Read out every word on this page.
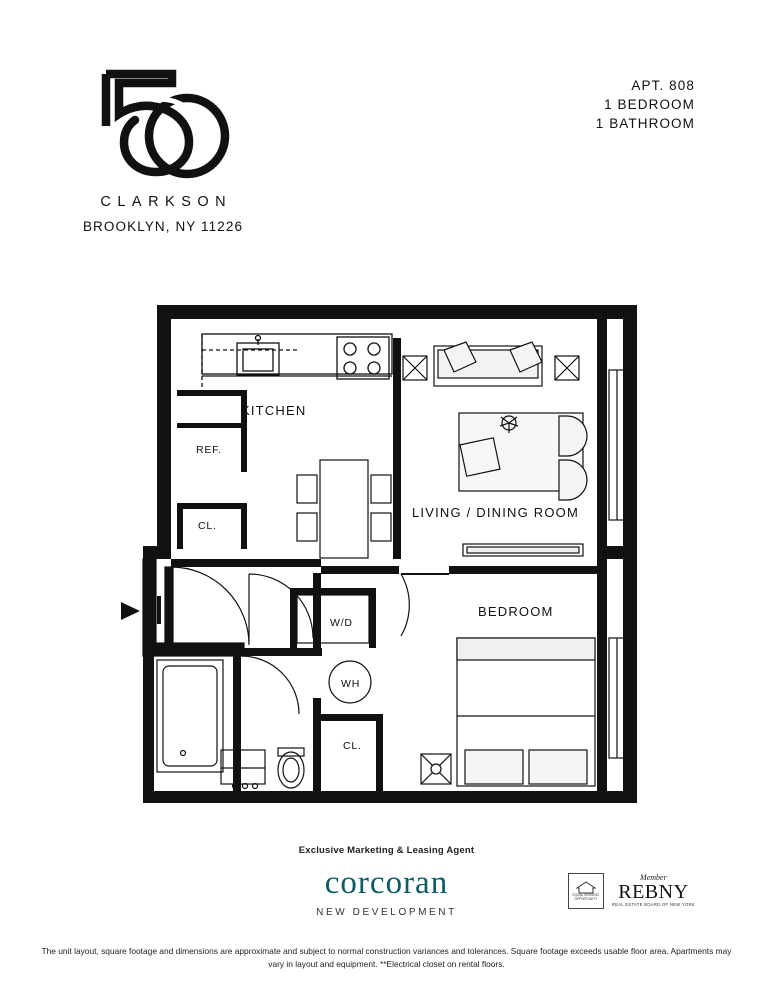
CLARKSON
BROOKLYN, NY 11226
APT. 808
1 BEDROOM
1 BATHROOM
KITCHEN
REF.
CL.
LIVING / DINING ROOM
W/D
WH
CL.
BEDROOM
Exclusive Marketing & Leasing Agent
corcoran
NEW DEVELOPMENT
EQUAL HOUSING
OPPORTUNITY
Member
REBNY
REAL ESTATE BOARD OF NEW YORK
The unit layout, square footage and dimensions are approximate and subject to normal construction variances and tolerances. Square footage exceeds usable floor area. Apartments may vary in layout and equipment. **Electrical closet on rental floors.
